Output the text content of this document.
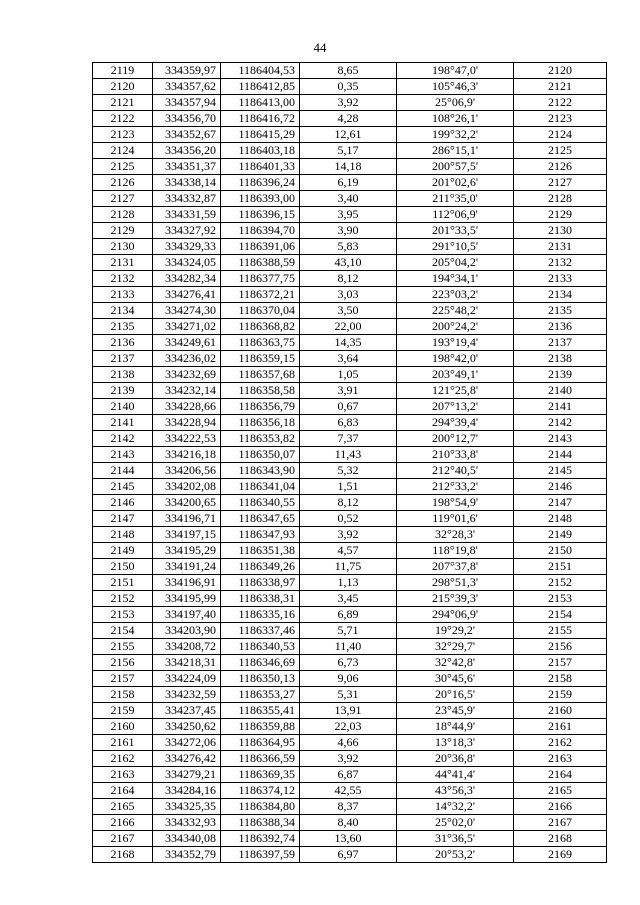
44
2119	334359,97	1186404,53	8,65	198°47,0'	2120
2120	334357,62	1186412,85	0,35	105°46,3'	2121
2121	334357,94	1186413,00	3,92	25°06,9'	2122
2122	334356,70	1186416,72	4,28	108°26,1'	2123
2123	334352,67	1186415,29	12,61	199°32,2'	2124
2124	334356,20	1186403,18	5,17	286°15,1'	2125
2125	334351,37	1186401,33	14,18	200°57,5'	2126
2126	334338,14	1186396,24	6,19	201°02,6'	2127
2127	334332,87	1186393,00	3,40	211°35,0'	2128
2128	334331,59	1186396,15	3,95	112°06,9'	2129
2129	334327,92	1186394,70	3,90	201°33,5'	2130
2130	334329,33	1186391,06	5,83	291°10,5'	2131
2131	334324,05	1186388,59	43,10	205°04,2'	2132
2132	334282,34	1186377,75	8,12	194°34,1'	2133
2133	334276,41	1186372,21	3,03	223°03,2'	2134
2134	334274,30	1186370,04	3,50	225°48,2'	2135
2135	334271,02	1186368,82	22,00	200°24,2'	2136
2136	334249,61	1186363,75	14,35	193°19,4'	2137
2137	334236,02	1186359,15	3,64	198°42,0'	2138
2138	334232,69	1186357,68	1,05	203°49,1'	2139
2139	334232,14	1186358,58	3,91	121°25,8'	2140
2140	334228,66	1186356,79	0,67	207°13,2'	2141
2141	334228,94	1186356,18	6,83	294°39,4'	2142
2142	334222,53	1186353,82	7,37	200°12,7'	2143
2143	334216,18	1186350,07	11,43	210°33,8'	2144
2144	334206,56	1186343,90	5,32	212°40,5'	2145
2145	334202,08	1186341,04	1,51	212°33,2'	2146
2146	334200,65	1186340,55	8,12	198°54,9'	2147
2147	334196,71	1186347,65	0,52	119°01,6'	2148
2148	334197,15	1186347,93	3,92	32°28,3'	2149
2149	334195,29	1186351,38	4,57	118°19,8'	2150
2150	334191,24	1186349,26	11,75	207°37,8'	2151
2151	334196,91	1186338,97	1,13	298°51,3'	2152
2152	334195,99	1186338,31	3,45	215°39,3'	2153
2153	334197,40	1186335,16	6,89	294°06,9'	2154
2154	334203,90	1186337,46	5,71	19°29,2'	2155
2155	334208,72	1186340,53	11,40	32°29,7'	2156
2156	334218,31	1186346,69	6,73	32°42,8'	2157
2157	334224,09	1186350,13	9,06	30°45,6'	2158
2158	334232,59	1186353,27	5,31	20°16,5'	2159
2159	334237,45	1186355,41	13,91	23°45,9'	2160
2160	334250,62	1186359,88	22,03	18°44,9'	2161
2161	334272,06	1186364,95	4,66	13°18,3'	2162
2162	334276,42	1186366,59	3,92	20°36,8'	2163
2163	334279,21	1186369,35	6,87	44°41,4'	2164
2164	334284,16	1186374,12	42,55	43°56,3'	2165
2165	334325,35	1186384,80	8,37	14°32,2'	2166
2166	334332,93	1186388,34	8,40	25°02,0'	2167
2167	334340,08	1186392,74	13,60	31°36,5'	2168
2168	334352,79	1186397,59	6,97	20°53,2'	2169
